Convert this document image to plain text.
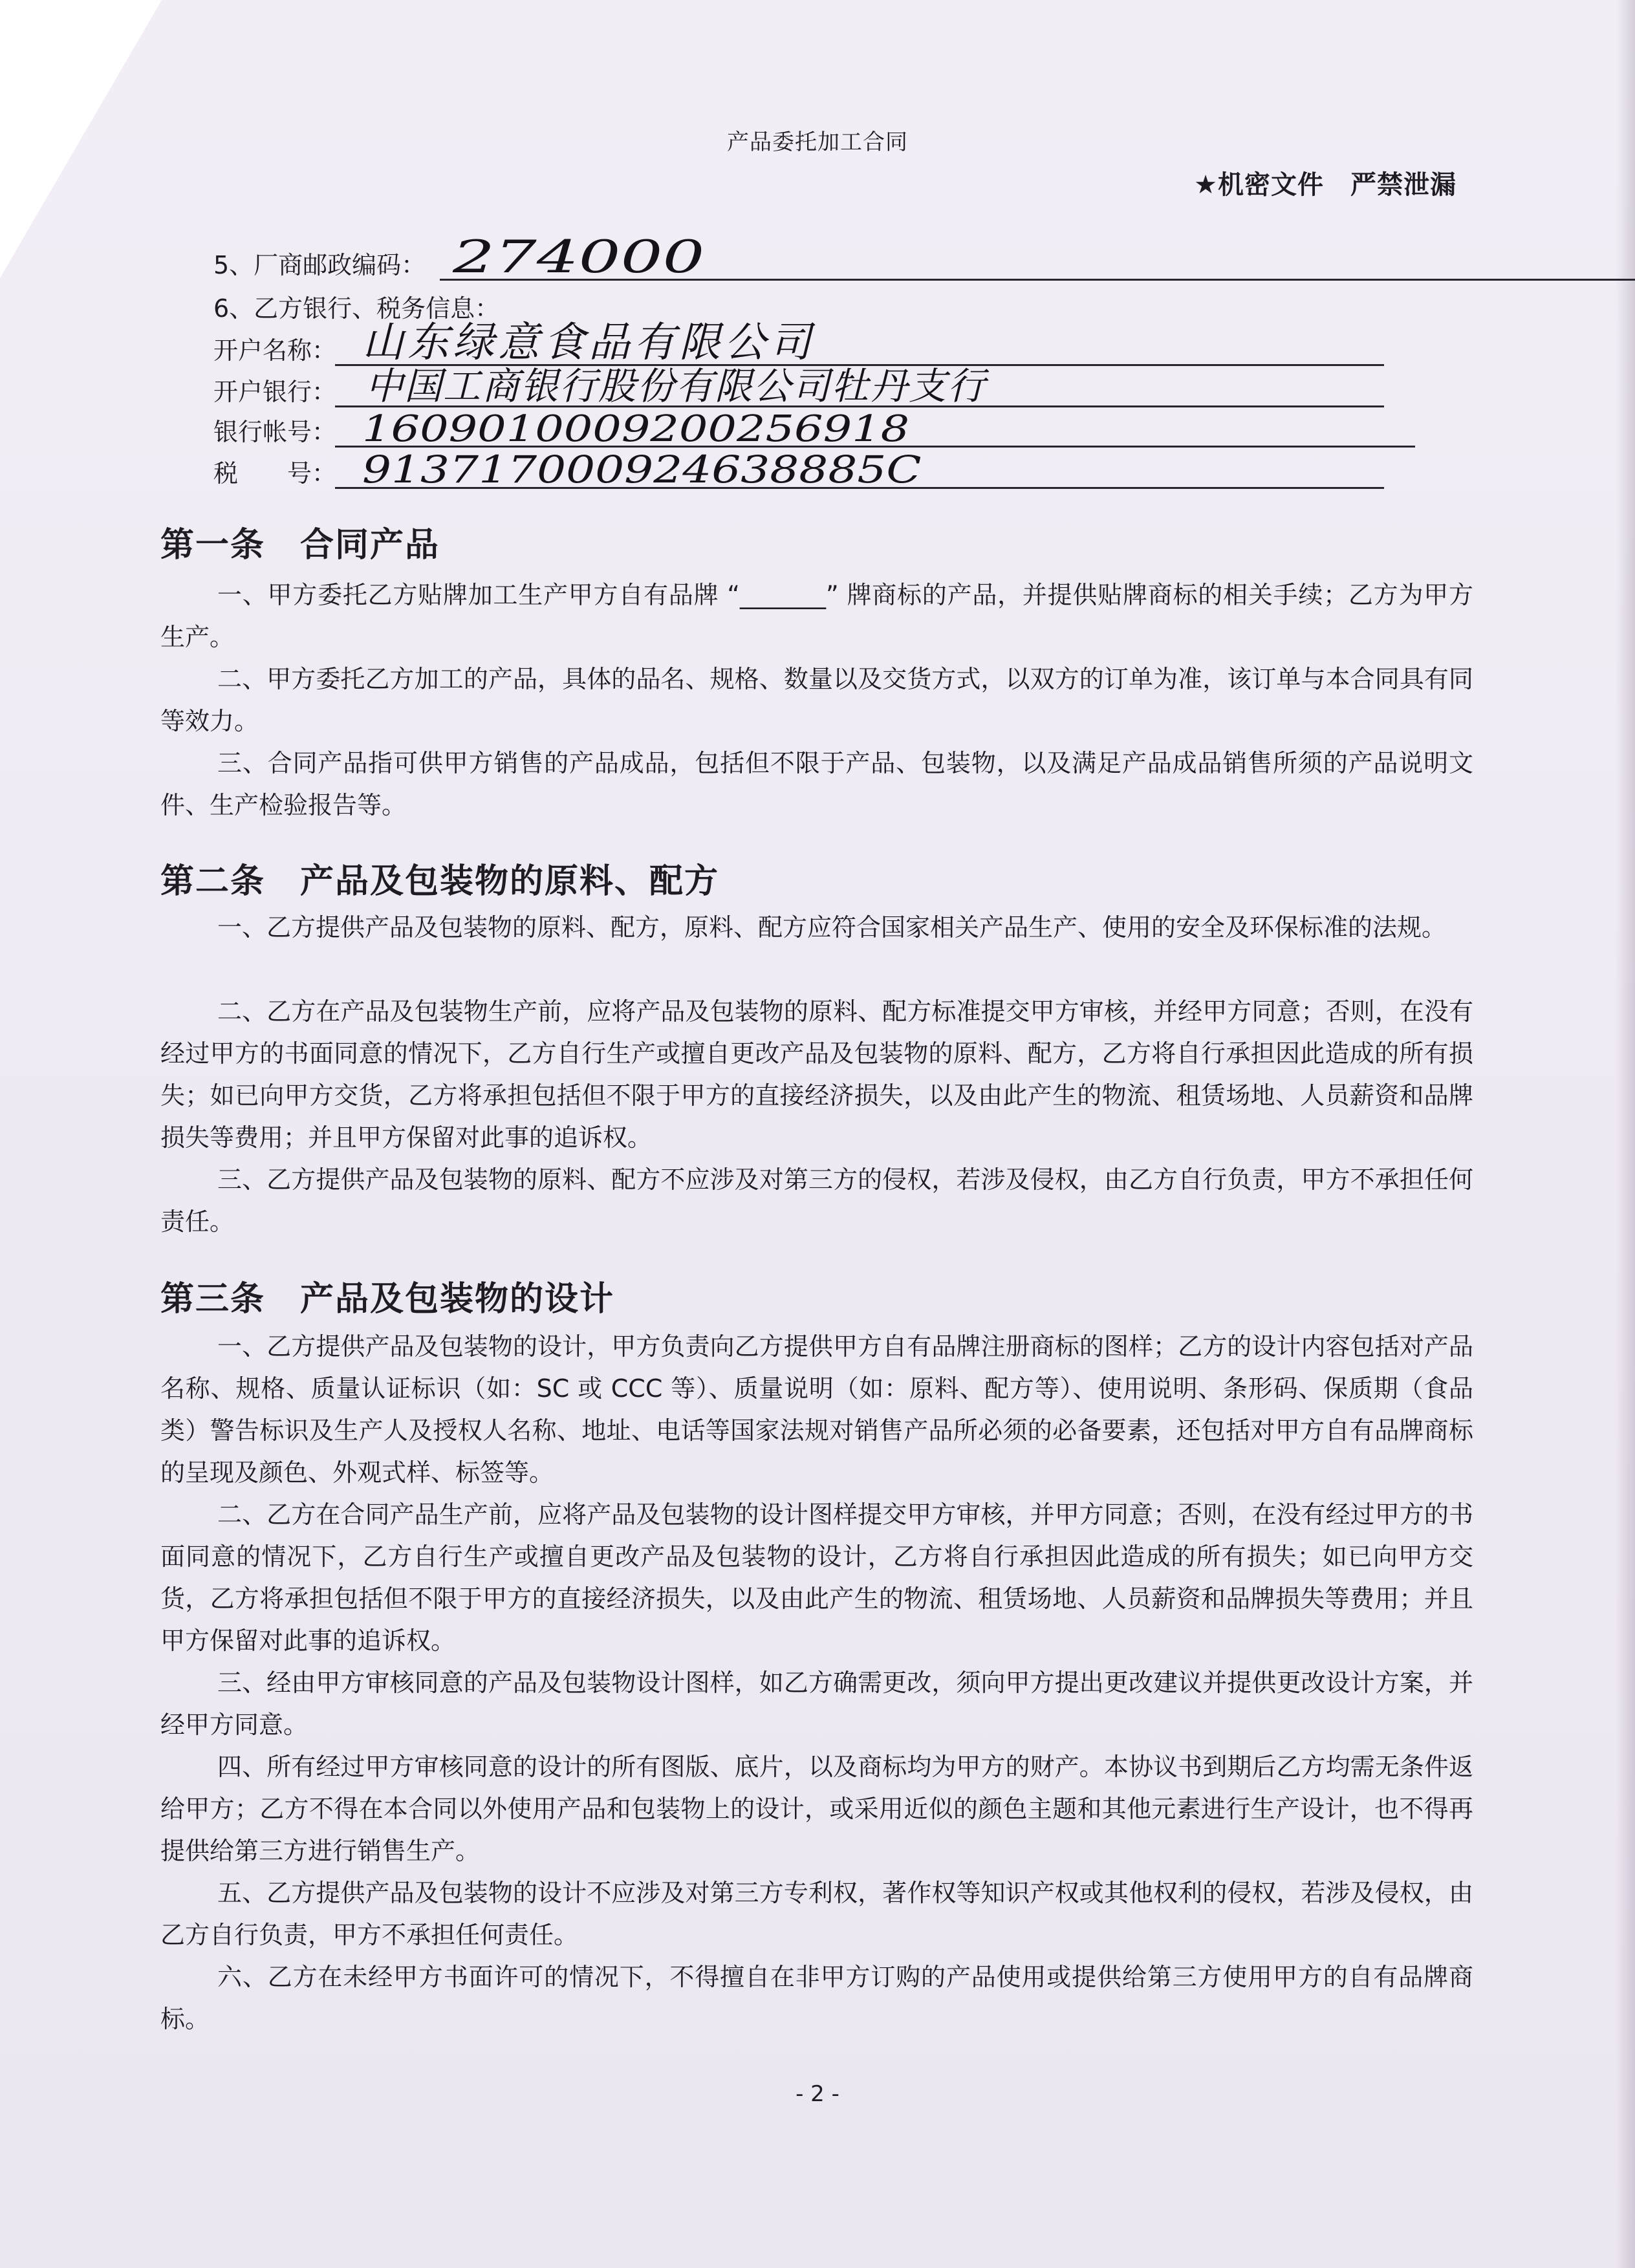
产品委托加工合同
★机密文件　严禁泄漏
5、厂商邮政编码： 274000
6、乙方银行、税务信息：
开户名称： 山东绿意食品有限公司
开户银行： 中国工商银行股份有限公司牡丹支行
银行帐号： 1609010009200256918
税　　号： 913717000924638885C
第一条　合同产品
一、甲方委托乙方贴牌加工生产甲方自有品牌 “_______” 牌商标的产品，并提供贴牌商标的相关手续；乙方为甲方生产。
二、甲方委托乙方加工的产品，具体的品名、规格、数量以及交货方式，以双方的订单为准，该订单与本合同具有同等效力。
三、合同产品指可供甲方销售的产品成品，包括但不限于产品、包装物，以及满足产品成品销售所须的产品说明文件、生产检验报告等。
第二条　产品及包装物的原料、配方
一、乙方提供产品及包装物的原料、配方，原料、配方应符合国家相关产品生产、使用的安全及环保标准的法规。
二、乙方在产品及包装物生产前，应将产品及包装物的原料、配方标准提交甲方审核，并经甲方同意；否则，在没有经过甲方的书面同意的情况下，乙方自行生产或擅自更改产品及包装物的原料、配方，乙方将自行承担因此造成的所有损失；如已向甲方交货，乙方将承担包括但不限于甲方的直接经济损失，以及由此产生的物流、租赁场地、人员薪资和品牌损失等费用；并且甲方保留对此事的追诉权。
三、乙方提供产品及包装物的原料、配方不应涉及对第三方的侵权，若涉及侵权，由乙方自行负责，甲方不承担任何责任。
第三条　产品及包装物的设计
一、乙方提供产品及包装物的设计，甲方负责向乙方提供甲方自有品牌注册商标的图样；乙方的设计内容包括对产品名称、规格、质量认证标识（如：SC 或 CCC 等）、质量说明（如：原料、配方等）、使用说明、条形码、保质期（食品类）警告标识及生产人及授权人名称、地址、电话等国家法规对销售产品所必须的必备要素，还包括对甲方自有品牌商标的呈现及颜色、外观式样、标签等。
二、乙方在合同产品生产前，应将产品及包装物的设计图样提交甲方审核，并甲方同意；否则，在没有经过甲方的书面同意的情况下，乙方自行生产或擅自更改产品及包装物的设计，乙方将自行承担因此造成的所有损失；如已向甲方交货，乙方将承担包括但不限于甲方的直接经济损失，以及由此产生的物流、租赁场地、人员薪资和品牌损失等费用；并且甲方保留对此事的追诉权。
三、经由甲方审核同意的产品及包装物设计图样，如乙方确需更改，须向甲方提出更改建议并提供更改设计方案，并经甲方同意。
四、所有经过甲方审核同意的设计的所有图版、底片，以及商标均为甲方的财产。本协议书到期后乙方均需无条件返给甲方；乙方不得在本合同以外使用产品和包装物上的设计，或采用近似的颜色主题和其他元素进行生产设计，也不得再提供给第三方进行销售生产。
五、乙方提供产品及包装物的设计不应涉及对第三方专利权，著作权等知识产权或其他权利的侵权，若涉及侵权，由乙方自行负责，甲方不承担任何责任。
六、乙方在未经甲方书面许可的情况下，不得擅自在非甲方订购的产品使用或提供给第三方使用甲方的自有品牌商标。
- 2 -
